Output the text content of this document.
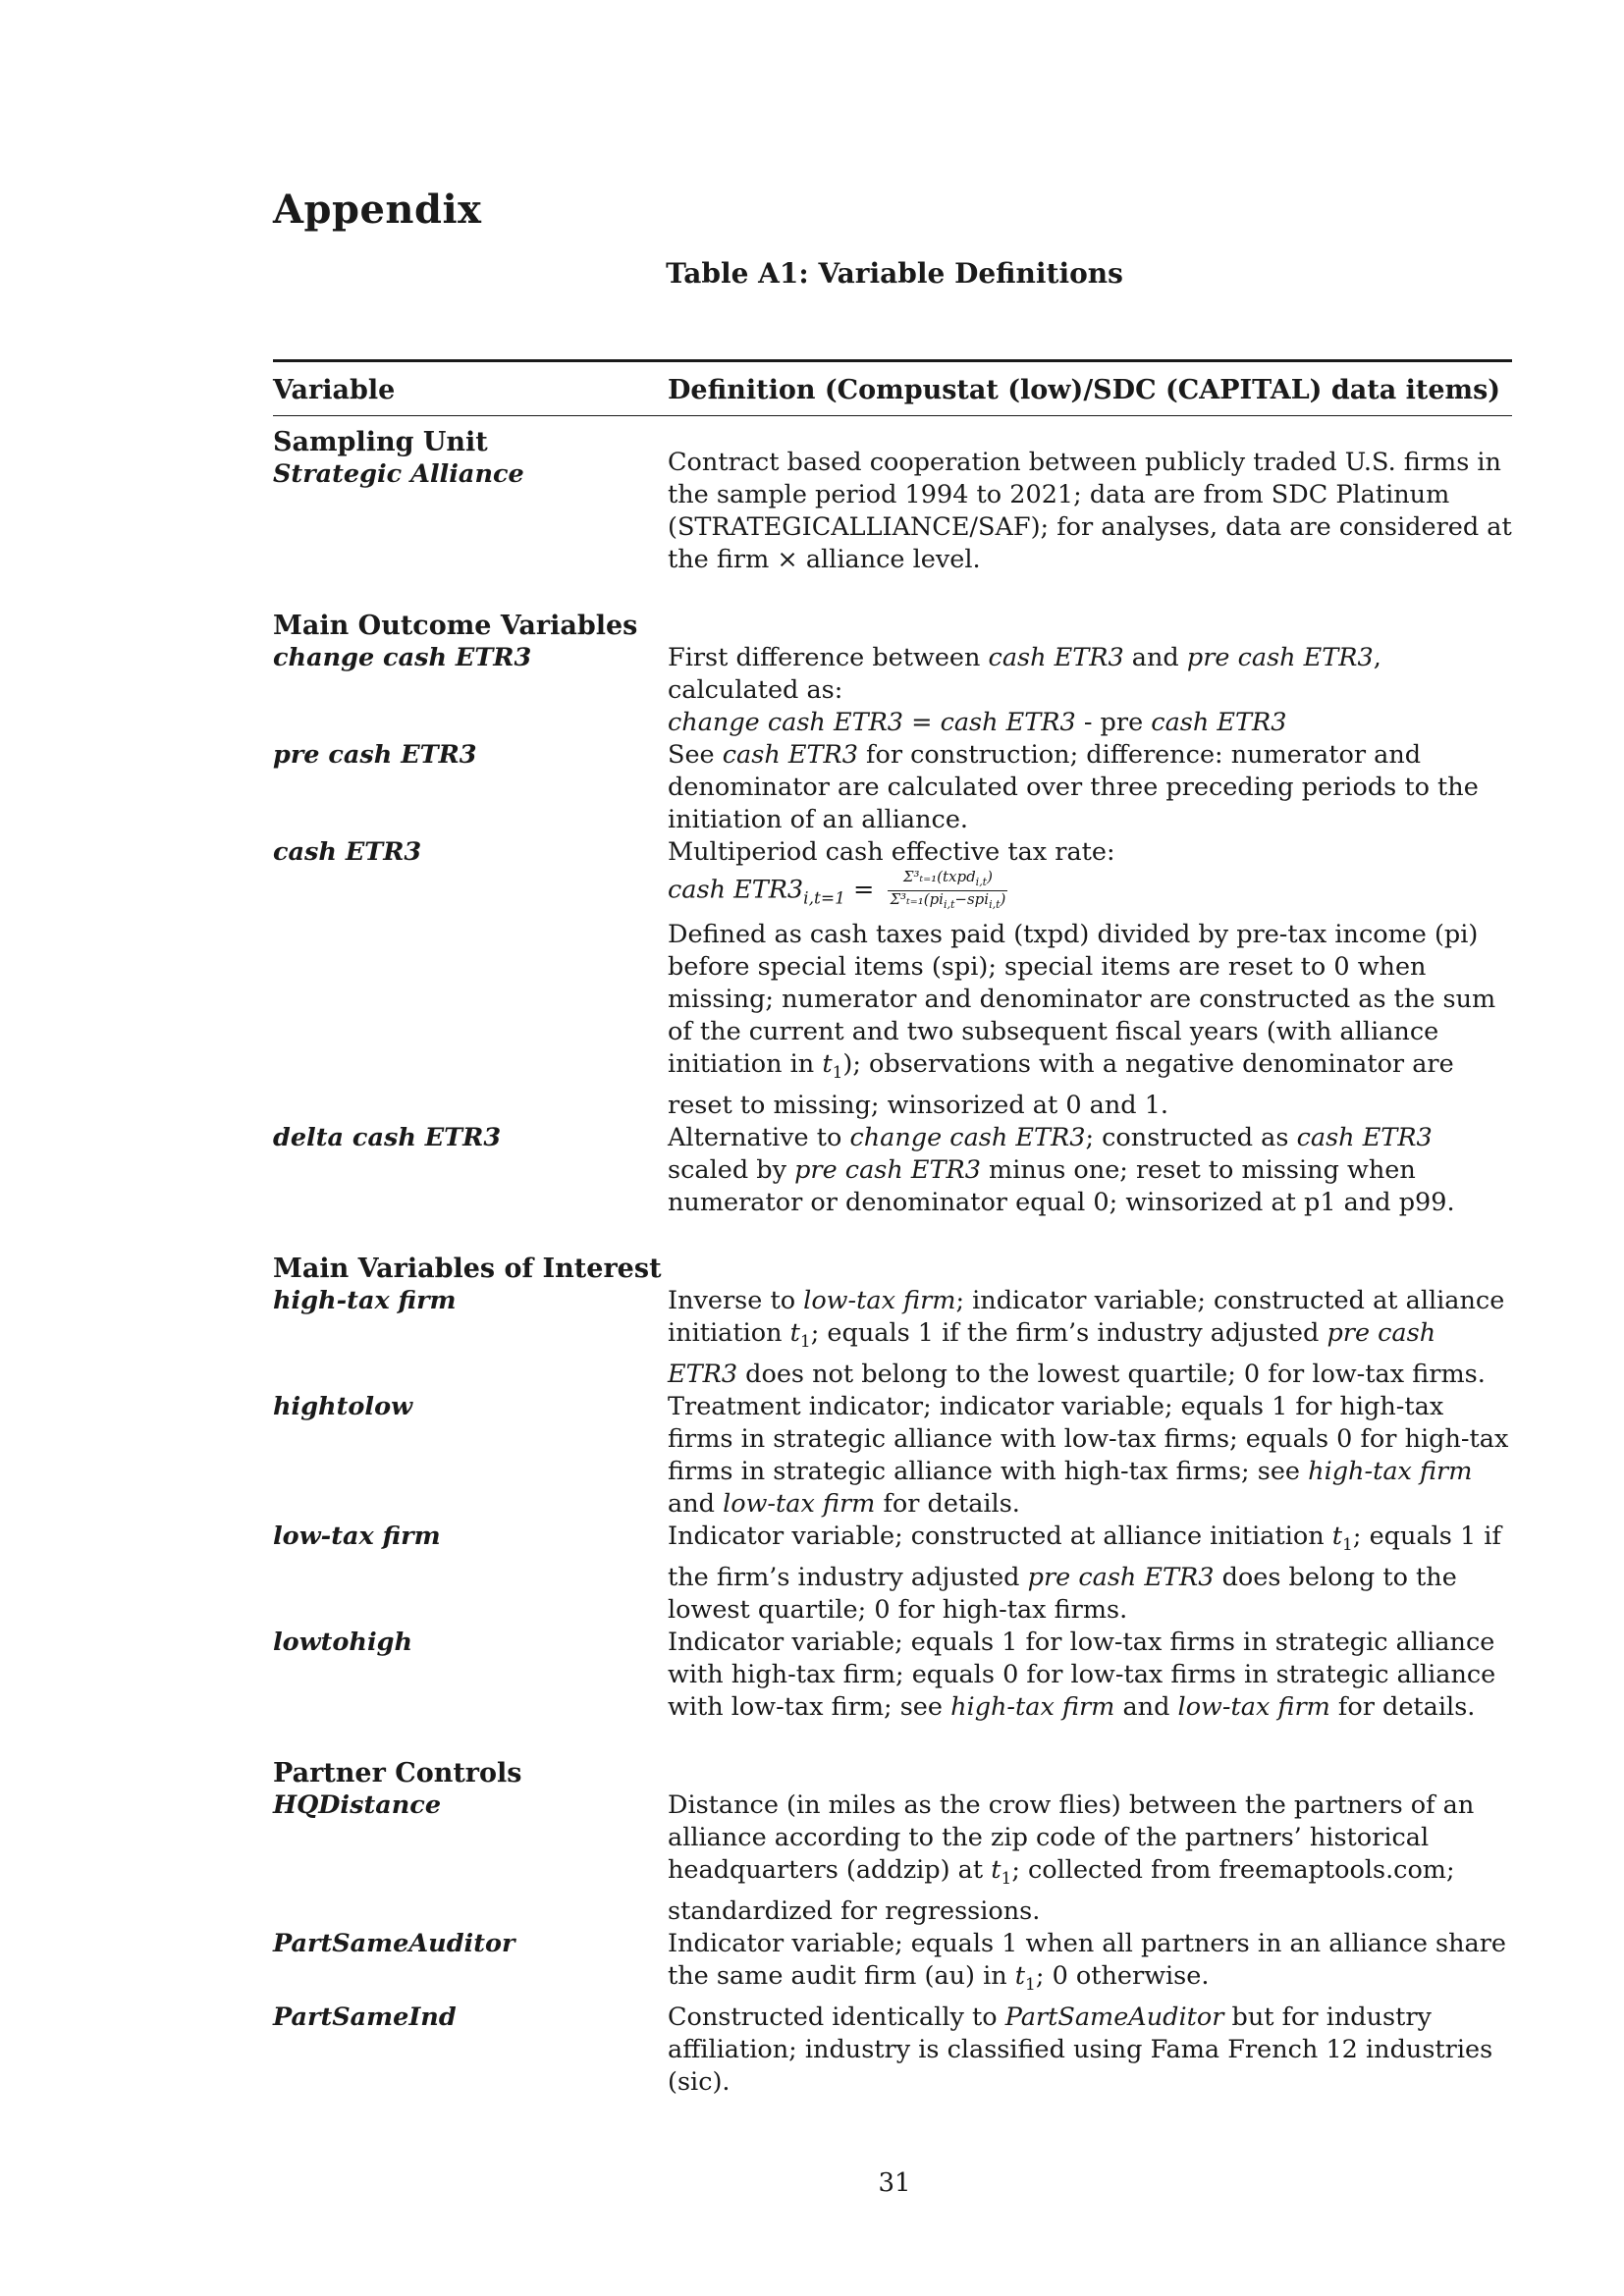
Appendix
Table A1: Variable Definitions
Variable	Definition (Compustat (low)/SDC (CAPITAL) data items)
Sampling Unit
Strategic Alliance	Contract based cooperation between publicly traded U.S. firms in the sample period 1994 to 2021; data are from SDC Platinum (STRATEGICALLIANCE/SAF); for analyses, data are considered at the firm × alliance level.

Main Outcome Variables
change cash ETR3	First difference between cash ETR3 and pre cash ETR3, calculated as:

change cash ETR3 = cash ETR3 - pre cash ETR3

pre cash ETR3	See cash ETR3 for construction; difference: numerator and denominator are calculated over three preceding periods to the initiation of an alliance.

cash ETR3	Multiperiod cash effective tax rate:

cash $ETR3_{i,t=1} = \frac{\Sigma^3_{t=1}(txpd_{i,t})}{\Sigma^3_{t=1}(pi_{i,t}-spi_{i,t})}$

Defined as cash taxes paid (txpd) divided by pre-tax income (pi) before special items (spi); special items are reset to 0 when missing; numerator and denominator are constructed as the sum of the current and two subsequent fiscal years (with alliance initiation in $t_1$); observations with a negative denominator are reset to missing; winsorized at 0 and 1.

delta cash ETR3	Alternative to change cash ETR3; constructed as cash ETR3 scaled by pre cash ETR3 minus one; reset to missing when numerator or denominator equal 0; winsorized at p1 and p99.

Main Variables of Interest
high-tax firm	Inverse to low-tax firm; indicator variable; constructed at alliance initiation $t_1$; equals 1 if the firm’s industry adjusted pre cash ETR3 does not belong to the lowest quartile; 0 for low-tax firms.

hightolow	Treatment indicator; indicator variable; equals 1 for high-tax firms in strategic alliance with low-tax firms; equals 0 for high-tax firms in strategic alliance with high-tax firms; see high-tax firm and low-tax firm for details.

low-tax firm	Indicator variable; constructed at alliance initiation $t_1$; equals 1 if the firm’s industry adjusted pre cash ETR3 does belong to the lowest quartile; 0 for high-tax firms.

lowtohigh	Indicator variable; equals 1 for low-tax firms in strategic alliance with high-tax firm; equals 0 for low-tax firms in strategic alliance with low-tax firm; see high-tax firm and low-tax firm for details.

Partner Controls
HQDistance	Distance (in miles as the crow flies) between the partners of an alliance according to the zip code of the partners’ historical headquarters (addzip) at $t_1$; collected from freemaptools.com; standardized for regressions.

PartSameAuditor	Indicator variable; equals 1 when all partners in an alliance share the same audit firm (au) in $t_1$; 0 otherwise.

PartSameInd	Constructed identically to PartSameAuditor but for industry affiliation; industry is classified using Fama French 12 industries (sic).

31
